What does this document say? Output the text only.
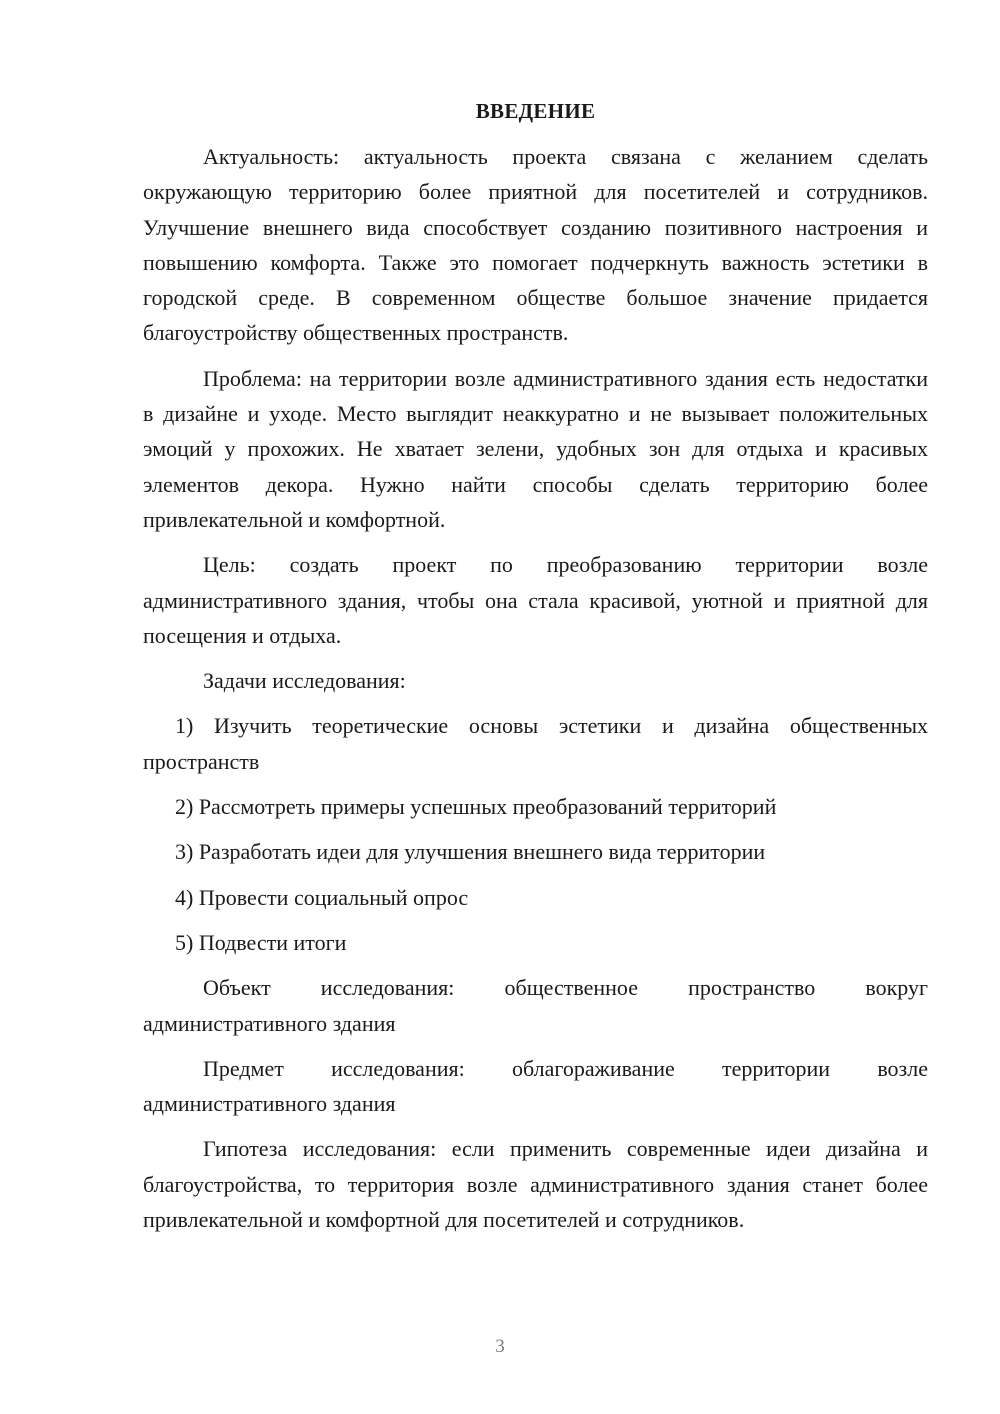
ВВЕДЕНИЕ

Актуальность: актуальность проекта связана с желанием сделать окружающую территорию более приятной для посетителей и сотрудников. Улучшение внешнего вида способствует созданию позитивного настроения и повышению комфорта. Также это помогает подчеркнуть важность эстетики в городской среде. В современном обществе большое значение придается благоустройству общественных пространств.

Проблема: на территории возле административного здания есть недостатки в дизайне и уходе. Место выглядит неаккуратно и не вызывает положительных эмоций у прохожих. Не хватает зелени, удобных зон для отдыха и красивых элементов декора. Нужно найти способы сделать территорию более привлекательной и комфортной.

Цель: создать проект по преобразованию территории возле административного здания, чтобы она стала красивой, уютной и приятной для посещения и отдыха.

Задачи исследования:

1) Изучить теоретические основы эстетики и дизайна общественных пространств

2) Рассмотреть примеры успешных преобразований территорий

3) Разработать идеи для улучшения внешнего вида территории

4) Провести социальный опрос

5) Подвести итоги

Объект исследования: общественное пространство вокруг административного здания

Предмет исследования: облагораживание территории возле административного здания

Гипотеза исследования: если применить современные идеи дизайна и благоустройства, то территория возле административного здания станет более привлекательной и комфортной для посетителей и сотрудников.

3
